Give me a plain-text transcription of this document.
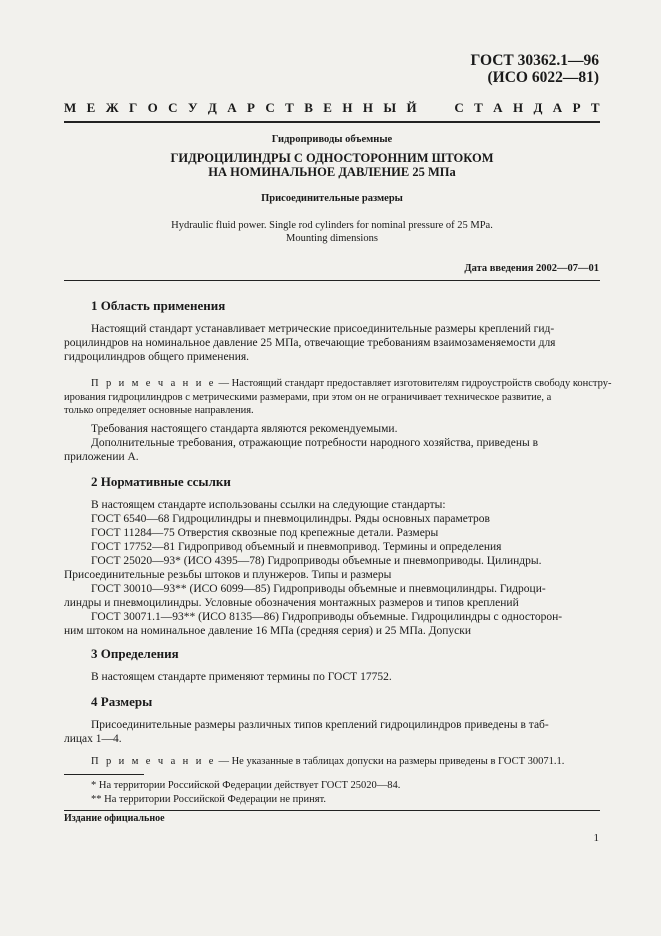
ГОСТ 30362.1—96
(ИСО 6022—81)
М Е Ж Г О С У Д А Р С Т В Е Н Н Ы Й

	С Т А Н Д А Р Т
Гидроприводы объемные
ГИДРОЦИЛИНДРЫ С ОДНОСТОРОННИМ ШТОКОМ
НА НОМИНАЛЬНОЕ ДАВЛЕНИЕ 25 МПа
Присоединительные размеры
Hydraulic fluid power. Single rod cylinders for nominal pressure of 25 MPa.
Mounting dimensions
Дата введения 2002—07—01
1 Область применения
Настоящий стандарт устанавливает метрические присоединительные размеры креплений гид-
роцилиндров на номинальное давление 25 МПа, отвечающие требованиям взаимозаменяемости для
гидроцилиндров общего применения.
П р и м е ч а н и е — Настоящий стандарт предоставляет изготовителям гидроустройств свободу констру-
ирования гидроцилиндров с метрическими размерами, при этом он не ограничивает техническое развитие, а
только определяет основные направления.
Требования настоящего стандарта являются рекомендуемыми.
Дополнительные требования, отражающие потребности народного хозяйства, приведены в
приложении А.
2 Нормативные ссылки
В настоящем стандарте использованы ссылки на следующие стандарты:
ГОСТ 6540—68 Гидроцилиндры и пневмоцилиндры. Ряды основных параметров
ГОСТ 11284—75 Отверстия сквозные под крепежные детали. Размеры
ГОСТ 17752—81 Гидропривод объемный и пневмопривод. Термины и определения
ГОСТ 25020—93* (ИСО 4395—78) Гидроприводы объемные и пневмоприводы. Цилиндры.
Присоединительные резьбы штоков и плунжеров. Типы и размеры
ГОСТ 30010—93** (ИСО 6099—85) Гидроприводы объемные и пневмоцилиндры. Гидроци-
линдры и пневмоцилиндры. Условные обозначения монтажных размеров и типов креплений
ГОСТ 30071.1—93** (ИСО 8135—86) Гидроприводы объемные. Гидроцилиндры с односторон-
ним штоком на номинальное давление 16 МПа (средняя серия) и 25 МПа. Допуски
3 Определения
В настоящем стандарте применяют термины по ГОСТ 17752.
4 Размеры
Присоединительные размеры различных типов креплений гидроцилиндров приведены в таб-
лицах 1—4.
П р и м е ч а н и е — Не указанные в таблицах допуски на размеры приведены в ГОСТ 30071.1.
* На территории Российской Федерации действует ГОСТ 25020—84.
** На территории Российской Федерации не принят.
Издание официальное
1
